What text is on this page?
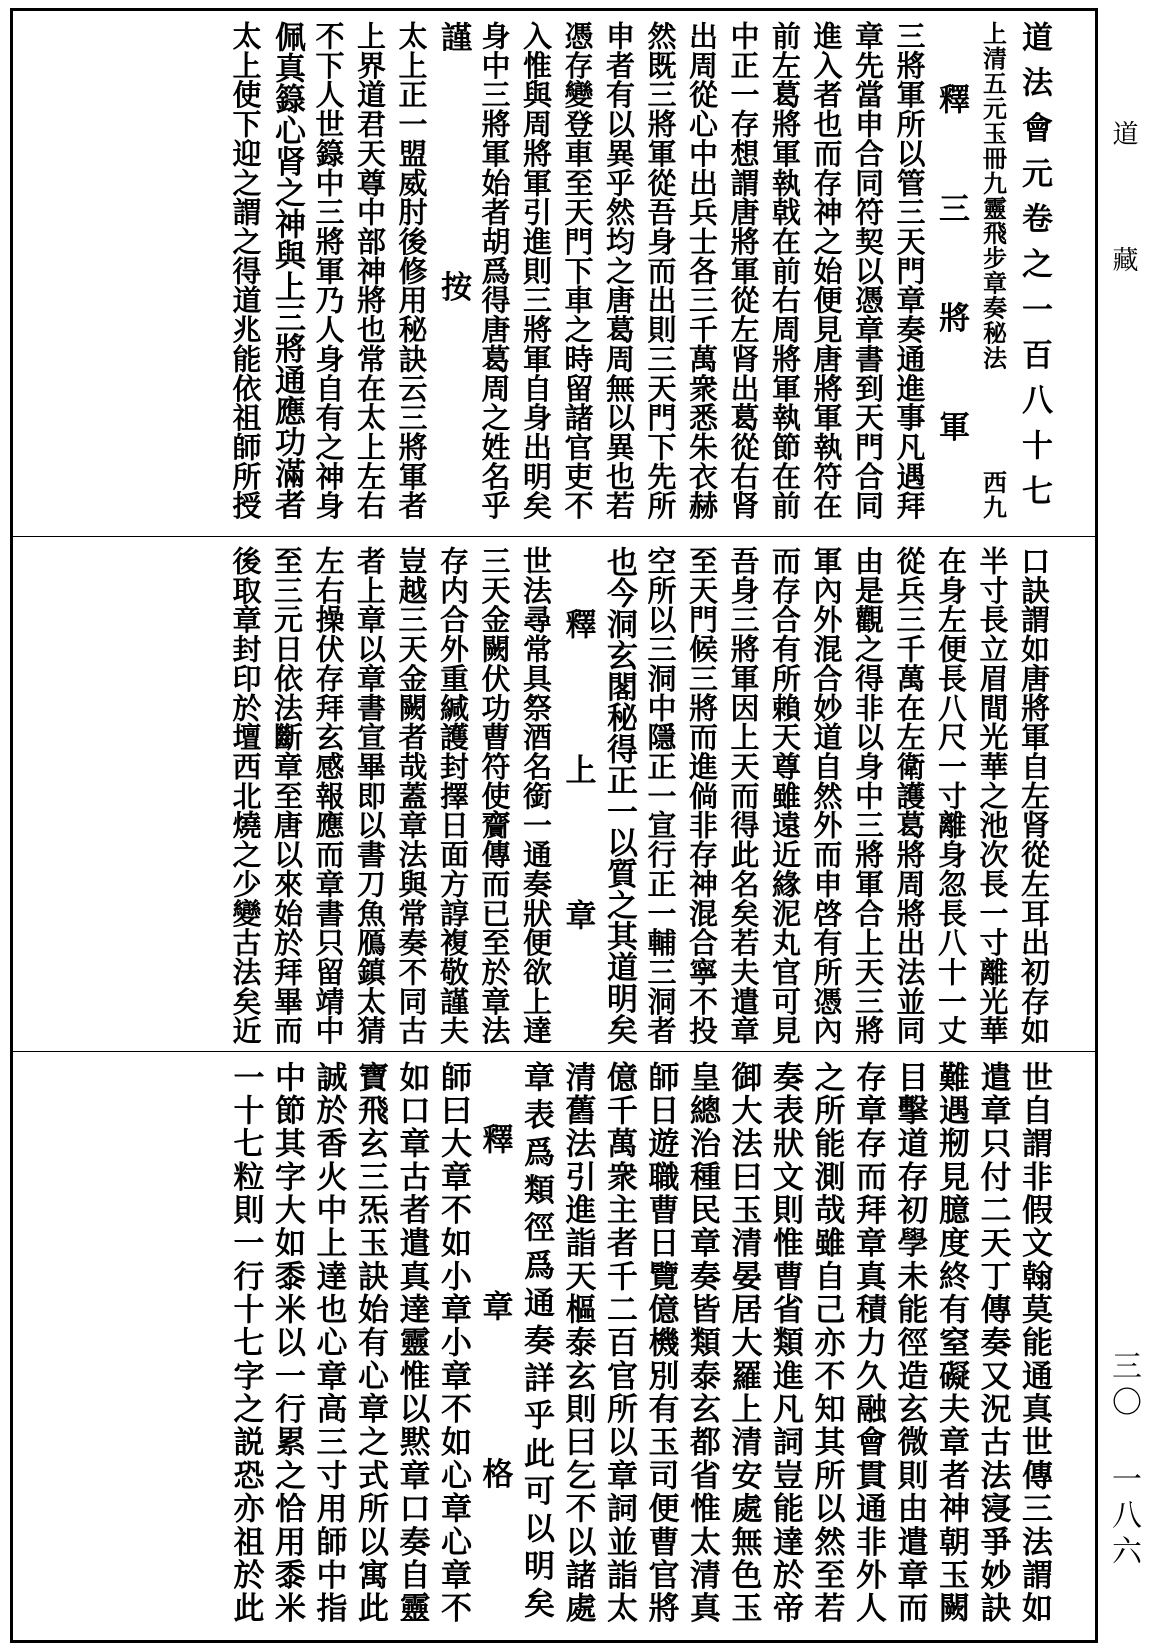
道法會元卷之一百八十七
上清五元玉冊九靈飛步章奏秘法　　　　西九
釋三將軍
三將軍所以管三天門章奏通進事凡遇拜
章先當申合同符契以憑章書到天門合同
進入者也而存神之始便見唐將軍執符在
前左葛將軍執戟在前右周將軍執節在前
中正一存想謂唐將軍從左肾出葛從右肾
出周從心中出兵士各三千萬衆悉朱衣赫
然既三將軍從吾身而出則三天門下先所
申者有以異乎然均之唐葛周無以異也若
憑存變登車至天門下車之時留諸官吏不
入惟與周將軍引進則三將軍自身出明矣
身中三將軍始者胡爲得唐葛周之姓名乎
謹按
太上正一盟威肘後修用秘訣云三將軍者
上界道君天尊中部神將也常在太上左右
不下人世籙中三將軍乃人身自有之神身
佩真籙心肾之神與上三將通應功滿者
太上使下迎之謂之得道兆能依祖師所授
口訣謂如唐將軍自左肾從左耳出初存如
半寸長立眉間光華之池次長一寸離光華
在身左便長八尺一寸離身忽長八十一丈
從兵三千萬在左衛護葛將周將出法並同
由是觀之得非以身中三將軍合上天三將
軍內外混合妙道自然外而申啓有所憑內
而存合有所賴天尊雖遠近緣泥丸官可見
吾身三將軍因上天而得此名矣若夫遣章
至天門候三將而進倘非存神混合寧不投
空所以三洞中隱正一宣行正一輔三洞者
也今洞玄閣秘得正一以質之其道明矣
釋上章
世法尋常具祭酒名銜一通奏狀便欲上達
三天金闕伏功曹符使齎傳而已至於章法
存内合外重緘護封擇日面方諄複敬謹夫
豈越三天金闕者哉蓋章法與常奏不同古
者上章以章書宣畢即以書刀魚鴈鎮太猜
左右操伏存拜玄感報應而章書只留靖中
至三元日依法斷章至唐以來始於拜畢而
後取章封印於壇西北燒之少變古法矣近
世自謂非假文翰莫能通真世傳三法謂如
遣章只付二天丁傳奏又況古法寖爭妙訣
難遇剏見臆度終有窒礙夫章者神朝玉闕
目擊道存初學未能徑造玄微則由遣章而
存章存而拜章真積力久融會貫通非外人
之所能測哉雖自己亦不知其所以然至若
奏表狀文則惟曹省類進凡詞豈能達於帝
御大法曰玉清晏居大羅上清安處無色玉
皇總治種民章奏皆類泰玄都省惟太清真
師日遊職曹日覽億機別有玉司便曹官將
億千萬衆主者千二百官所以章詞並詣太
清舊法引進詣天樞泰玄則曰乞不以諸處
章表爲類徑爲通奏詳乎此可以明矣
釋章格
師曰大章不如小章小章不如心章心章不
如口章古者遣真達靈惟以黙章口奏自靈
寶飛玄三炁玉訣始有心章之式所以寓此
誠於香火中上達也心章高三寸用師中指
中節其字大如黍米以一行累之恰用黍米
一十七粒則一行十七字之説恐亦祖於此
道藏
三〇 一八六
